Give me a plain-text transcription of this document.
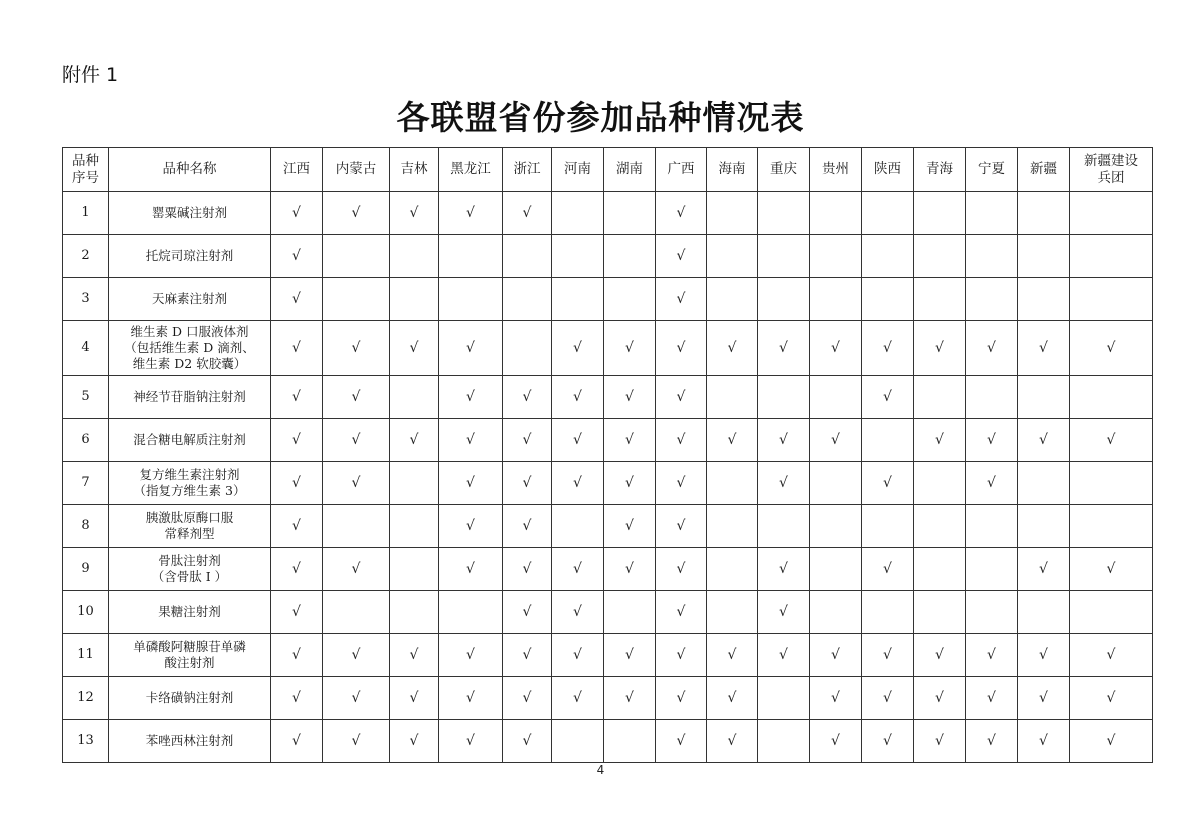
附件 1
各联盟省份参加品种情况表
品种
序号	品种名称	江西	内蒙古	吉林	黑龙江	浙江	河南	湖南	广西	海南	重庆	贵州	陕西	青海	宁夏	新疆	新疆建设
兵团
1	罂粟碱注射剂	√	√	√	√	√			√								
2	托烷司琼注射剂	√							√								
3	天麻素注射剂	√							√								
4	维生素 D 口服液体剂
（包括维生素 D 滴剂、
维生素 D2 软胶囊）	√	√	√	√		√	√	√	√	√	√	√	√	√	√	√
5	神经节苷脂钠注射剂	√	√		√	√	√	√	√				√				
6	混合糖电解质注射剂	√	√	√	√	√	√	√	√	√	√	√		√	√	√	√
7	复方维生素注射剂
（指复方维生素 3）	√	√		√	√	√	√	√		√		√		√		
8	胰激肽原酶口服
常释剂型	√			√	√		√	√								
9	骨肽注射剂
（含骨肽 I ）	√	√		√	√	√	√	√		√		√			√	√
10	果糖注射剂	√				√	√		√		√						
11	单磷酸阿糖腺苷单磷
酸注射剂	√	√	√	√	√	√	√	√	√	√	√	√	√	√	√	√
12	卡络磺钠注射剂	√	√	√	√	√	√	√	√	√		√	√	√	√	√	√
13	苯唑西林注射剂	√	√	√	√	√			√	√		√	√	√	√	√	√
4
